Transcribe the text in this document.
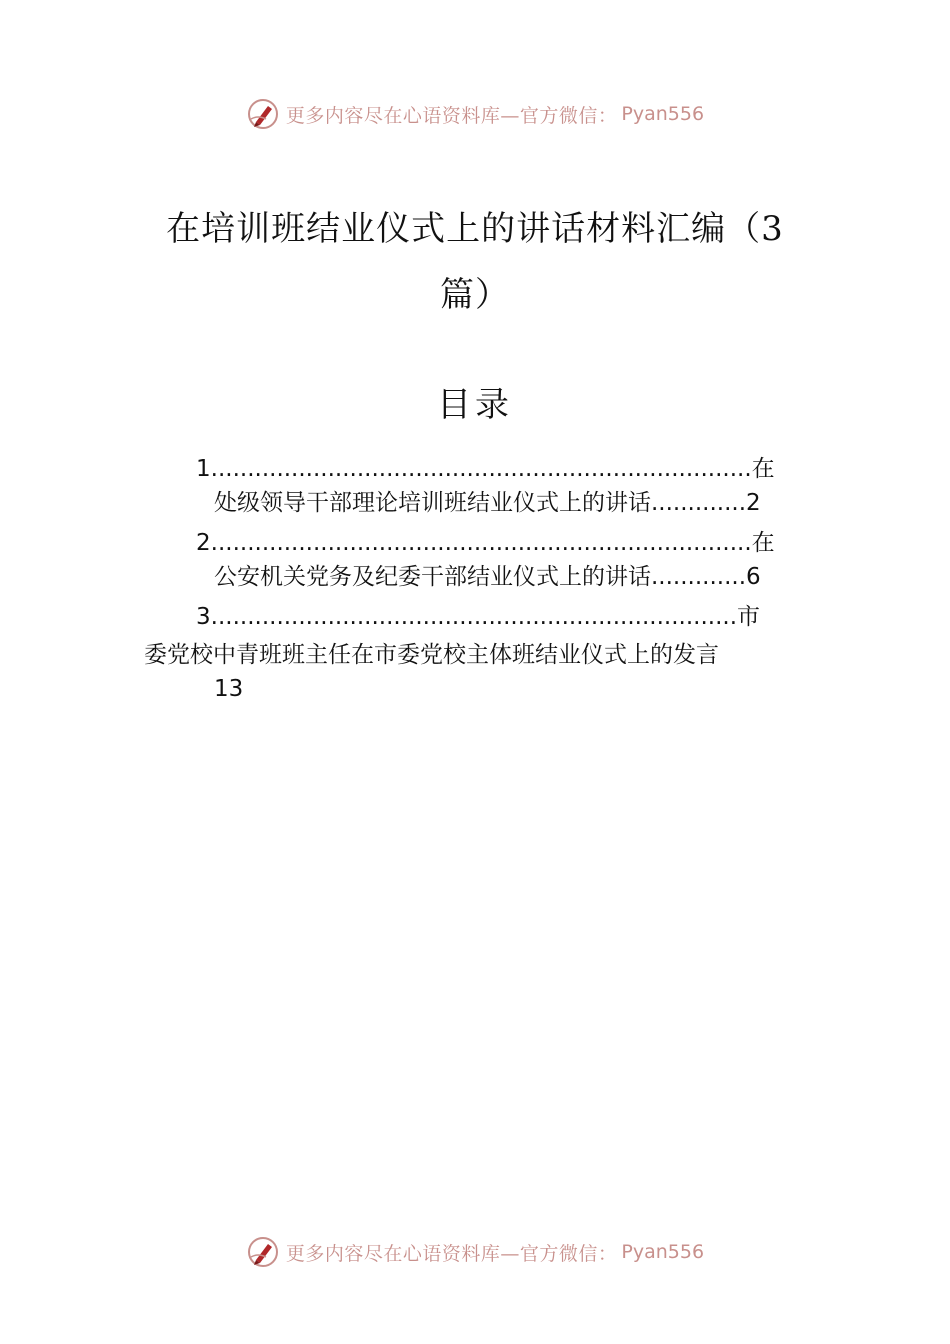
更多内容尽在心语资料库—官方微信： Pyan556
在培训班结业仪式上的讲话材料汇编（3
篇）
目录
1..........................................................................在
处级领导干部理论培训班结业仪式上的讲话.............2
2..........................................................................在
公安机关党务及纪委干部结业仪式上的讲话.............6
3........................................................................市
委党校中青班班主任在市委党校主体班结业仪式上的发言
13
更多内容尽在心语资料库—官方微信： Pyan556
